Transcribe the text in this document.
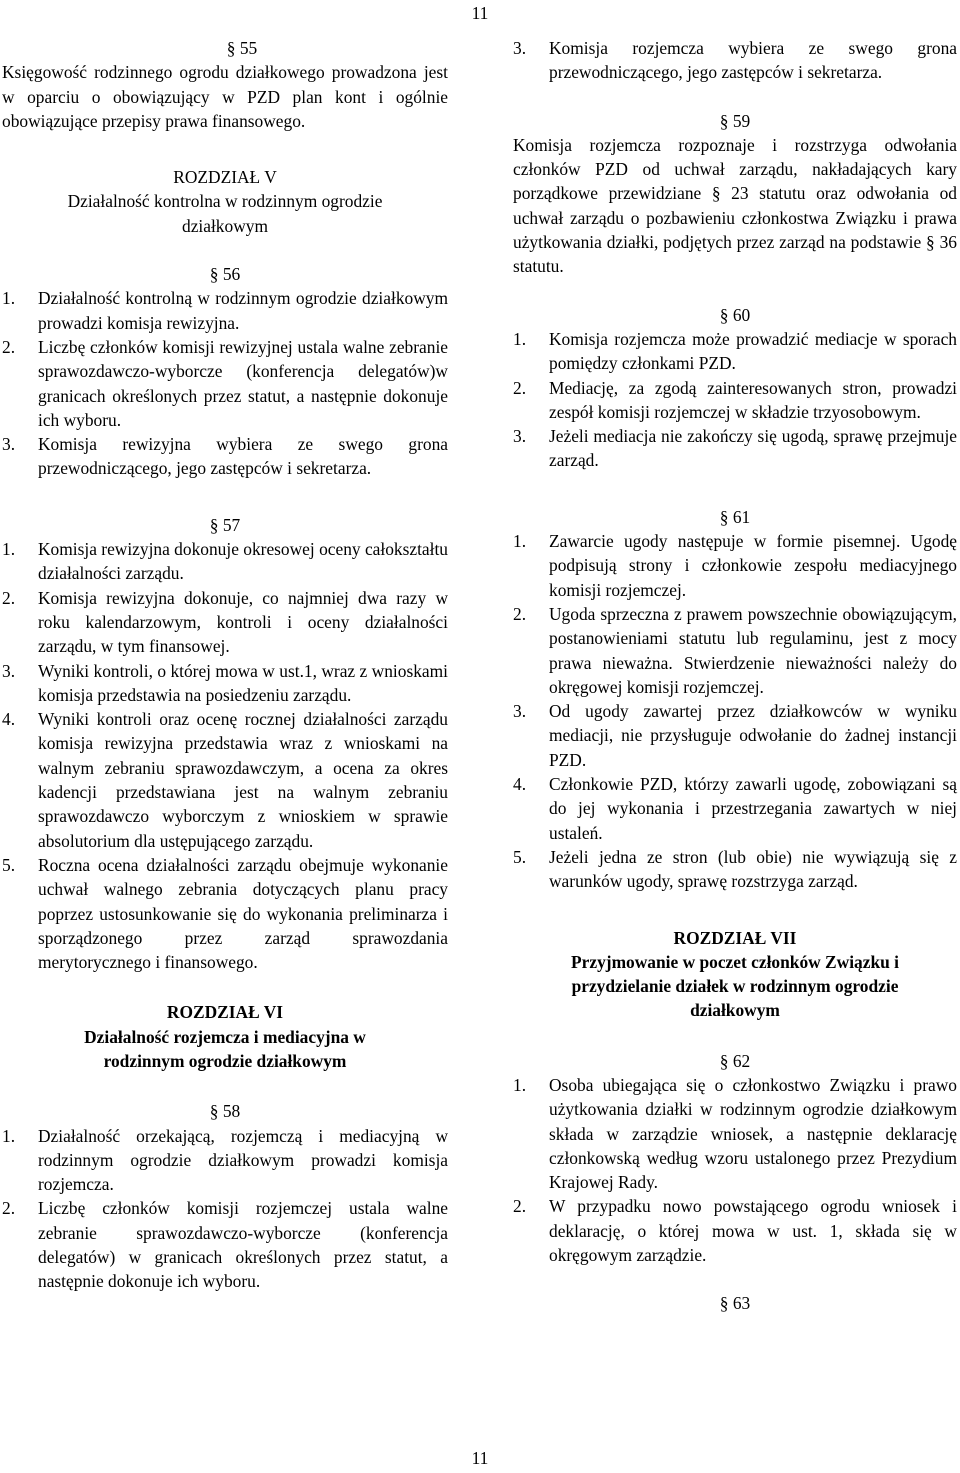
11

§ 55

Księgowość rodzinnego ogrodu działkowego prowadzona jest w oparciu o obowiązujący w PZD plan kont i ogólnie obowiązujące przepisy prawa finansowego.

ROZDZIAŁ V

Działalność kontrolna w rodzinnym ogrodzie działkowym

§ 56

1.	Działalność kontrolną w rodzinnym ogrodzie działkowym prowadzi komisja rewizyjna.
2.	Liczbę członków komisji rewizyjnej ustala walne zebranie sprawozdawczo-wyborcze (konferencja delegatów)w granicach określonych przez statut, a następnie dokonuje ich wyboru.
3.	Komisja rewizyjna wybiera ze swego grona przewodniczącego, jego zastępców i sekretarza.

§ 57

1.	Komisja rewizyjna dokonuje okresowej oceny całokształtu działalności zarządu.
2.	Komisja rewizyjna dokonuje, co najmniej dwa razy w roku kalendarzowym, kontroli i oceny działalności zarządu, w tym finansowej.
3.	Wyniki kontroli, o której mowa w ust.1, wraz z wnioskami komisja przedstawia na posiedzeniu zarządu.
4.	Wyniki kontroli oraz ocenę rocznej działalności zarządu komisja rewizyjna przedstawia wraz z wnioskami na walnym zebraniu sprawozdawczym, a ocena za okres kadencji przedstawiana jest na walnym zebraniu sprawozdawczo wyborczym z wnioskiem w sprawie absolutorium dla ustępującego zarządu.
5.	Roczna ocena działalności zarządu obejmuje wykonanie uchwał walnego zebrania dotyczących planu pracy poprzez ustosunkowanie się do wykonania preliminarza i sporządzonego przez zarząd sprawozdania merytorycznego i finansowego.

ROZDZIAŁ VI

Działalność rozjemcza i mediacyjna w rodzinnym ogrodzie działkowym

§ 58

1.	Działalność orzekającą, rozjemczą i mediacyjną w rodzinnym ogrodzie działkowym prowadzi komisja rozjemcza.
2.	Liczbę członków komisji rozjemczej ustala walne zebranie sprawozdawczo-wyborcze (konferencja delegatów) w granicach określonych przez statut, a następnie dokonuje ich wyboru.
3.	Komisja rozjemcza wybiera ze swego grona przewodniczącego, jego zastępców i sekretarza.

§ 59

Komisja rozjemcza rozpoznaje i rozstrzyga odwołania członków PZD od uchwał zarządu, nakładających kary porządkowe przewidziane § 23 statutu oraz odwołania od uchwał zarządu o pozbawieniu członkostwa Związku i prawa użytkowania działki, podjętych przez zarząd na podstawie § 36 statutu.

§ 60

1.	Komisja rozjemcza może prowadzić mediacje w sporach pomiędzy członkami PZD.
2.	Mediację, za zgodą zainteresowanych stron, prowadzi zespół komisji rozjemczej w składzie trzyosobowym.
3.	Jeżeli mediacja nie zakończy się ugodą, sprawę przejmuje zarząd.

§ 61

1.	Zawarcie ugody następuje w formie pisemnej. Ugodę podpisują strony i członkowie zespołu mediacyjnego komisji rozjemczej.
2.	Ugoda sprzeczna z prawem powszechnie obowiązującym, postanowieniami statutu lub regulaminu, jest z mocy prawa nieważna. Stwierdzenie nieważności należy do okręgowej komisji rozjemczej.
3.	Od ugody zawartej przez działkowców w wyniku mediacji, nie przysługuje odwołanie do żadnej instancji PZD.
4.	Członkowie PZD, którzy zawarli ugodę, zobowiązani są do jej wykonania i przestrzegania zawartych w niej ustaleń.
5.	Jeżeli jedna ze stron (lub obie) nie wywiązują się z warunków ugody, sprawę rozstrzyga zarząd.

ROZDZIAŁ VII

Przyjmowanie w poczet członków Związku i przydzielanie działek w rodzinnym ogrodzie działkowym

§ 62

1.	Osoba ubiegająca się o członkostwo Związku i prawo użytkowania działki w rodzinnym ogrodzie działkowym składa w zarządzie wniosek, a następnie deklarację członkowską według wzoru ustalonego przez Prezydium Krajowej Rady.
2.	W przypadku nowo powstającego ogrodu wniosek i deklarację, o której mowa w ust. 1, składa się w okręgowym zarządzie.

§ 63

11
